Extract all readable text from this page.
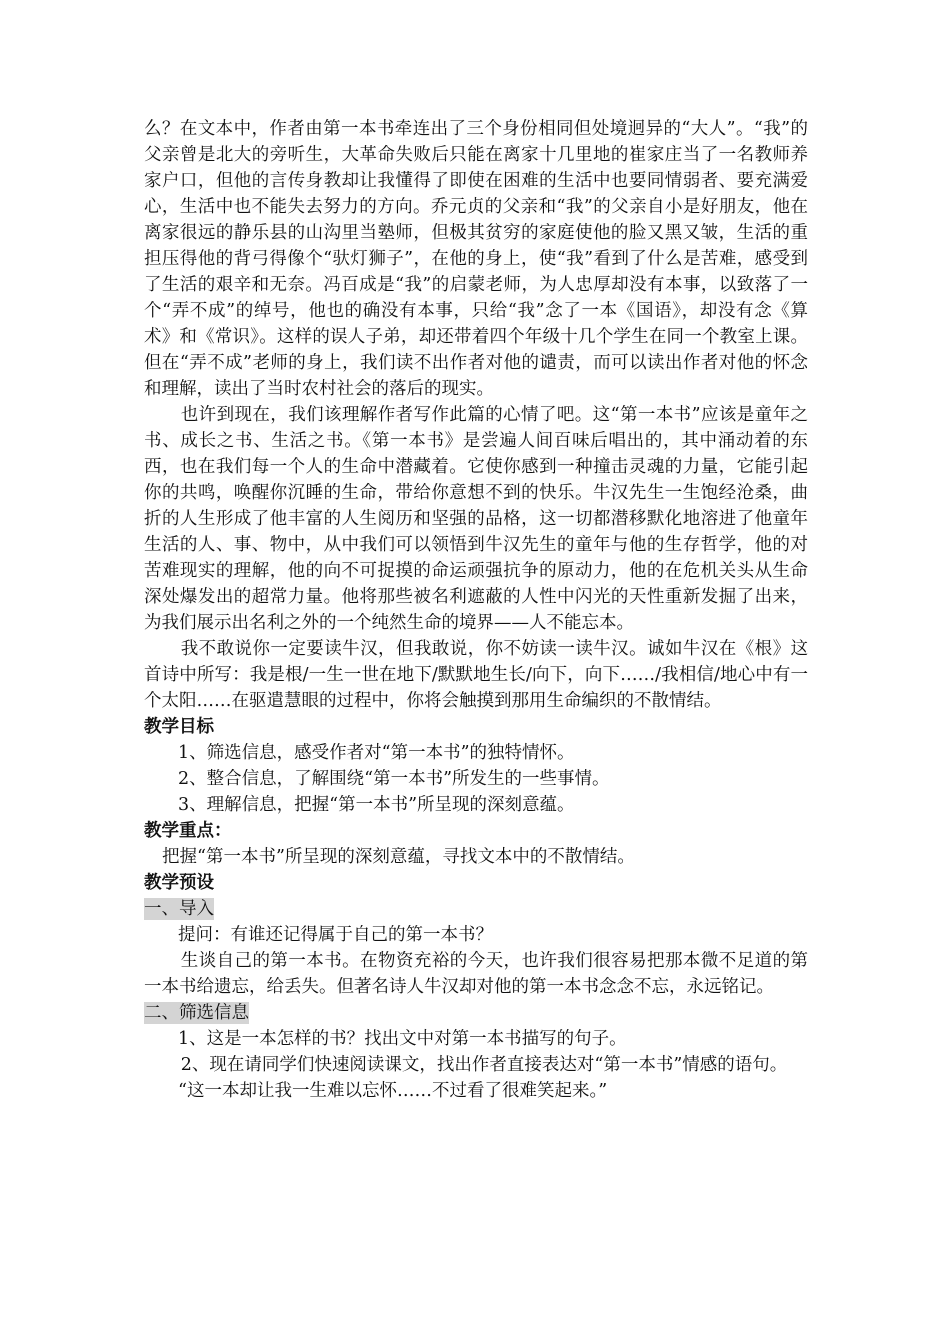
么？在文本中，作者由第一本书牵连出了三个身份相同但处境迥异的“大人”。“我”的父亲曾是北大的旁听生，大革命失败后只能在离家十几里地的崔家庄当了一名教师养家户口，但他的言传身教却让我懂得了即使在困难的生活中也要同情弱者、要充满爱心，生活中也不能失去努力的方向。乔元贞的父亲和“我”的父亲自小是好朋友，他在离家很远的静乐县的山沟里当塾师，但极其贫穷的家庭使他的脸又黑又皱，生活的重担压得他的背弓得像个“驮灯狮子”，在他的身上，使“我”看到了什么是苦难，感受到了生活的艰辛和无奈。冯百成是“我”的启蒙老师，为人忠厚却没有本事，以致落了一个“弄不成”的绰号，他也的确没有本事，只给“我”念了一本《国语》，却没有念《算术》和《常识》。这样的误人子弟，却还带着四个年级十几个学生在同一个教室上课。但在“弄不成”老师的身上，我们读不出作者对他的谴责，而可以读出作者对他的怀念和理解，读出了当时农村社会的落后的现实。

也许到现在，我们该理解作者写作此篇的心情了吧。这“第一本书”应该是童年之书、成长之书、生活之书。《第一本书》是尝遍人间百味后唱出的，其中涌动着的东西，也在我们每一个人的生命中潜藏着。它使你感到一种撞击灵魂的力量，它能引起你的共鸣，唤醒你沉睡的生命，带给你意想不到的快乐。牛汉先生一生饱经沧桑，曲折的人生形成了他丰富的人生阅历和坚强的品格，这一切都潜移默化地溶进了他童年生活的人、事、物中，从中我们可以领悟到牛汉先生的童年与他的生存哲学，他的对苦难现实的理解，他的向不可捉摸的命运顽强抗争的原动力，他的在危机关头从生命深处爆发出的超常力量。他将那些被名利遮蔽的人性中闪光的天性重新发掘了出来，为我们展示出名利之外的一个纯然生命的境界——人不能忘本。

我不敢说你一定要读牛汉，但我敢说，你不妨读一读牛汉。诚如牛汉在《根》这首诗中所写：我是根/一生一世在地下/默默地生长/向下，向下……/我相信/地心中有一个太阳……在驱遣慧眼的过程中，你将会触摸到那用生命编织的不散情结。

教学目标

1、筛选信息，感受作者对“第一本书”的独特情怀。

2、整合信息，了解围绕“第一本书”所发生的一些事情。

3、理解信息，把握“第一本书”所呈现的深刻意蕴。

教学重点：

把握“第一本书”所呈现的深刻意蕴，寻找文本中的不散情结。

教学预设

一、导入

提问：有谁还记得属于自己的第一本书？

生谈自己的第一本书。在物资充裕的今天，也许我们很容易把那本微不足道的第一本书给遗忘，给丢失。但著名诗人牛汉却对他的第一本书念念不忘，永远铭记。

二、筛选信息

1、这是一本怎样的书？找出文中对第一本书描写的句子。

2、现在请同学们快速阅读课文，找出作者直接表达对“第一本书”情感的语句。

“这一本却让我一生难以忘怀……不过看了很难笑起来。”
